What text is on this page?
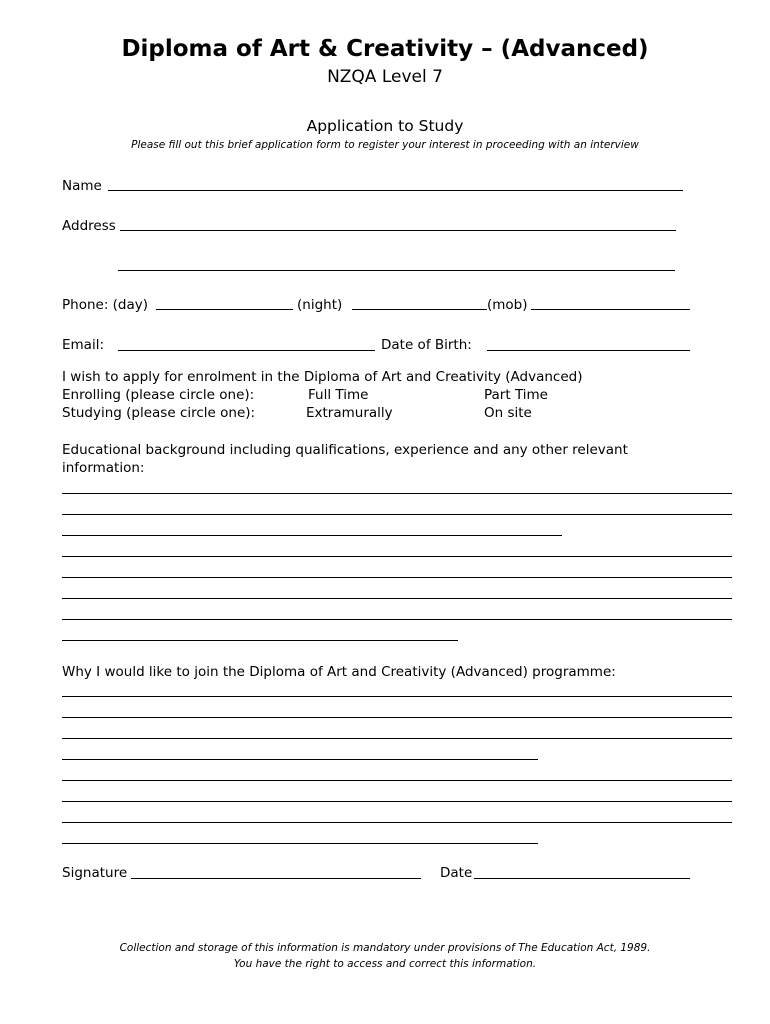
Diploma of Art & Creativity – (Advanced)
NZQA Level 7
Application to Study
Please fill out this brief application form to register your interest in proceeding with an interview
Name
Address
Phone: (day)	(night)	(mob)
Email:	Date of Birth:
I wish to apply for enrolment in the Diploma of Art and Creativity (Advanced)
Enrolling (please circle one):	Full Time	Part Time
Studying (please circle one):	Extramurally	On site
Educational background including qualifications, experience and any other relevant
information:
Why I would like to join the Diploma of Art and Creativity (Advanced) programme:
Signature	Date
Collection and storage of this information is mandatory under provisions of The Education Act, 1989.
You have the right to access and correct this information.
